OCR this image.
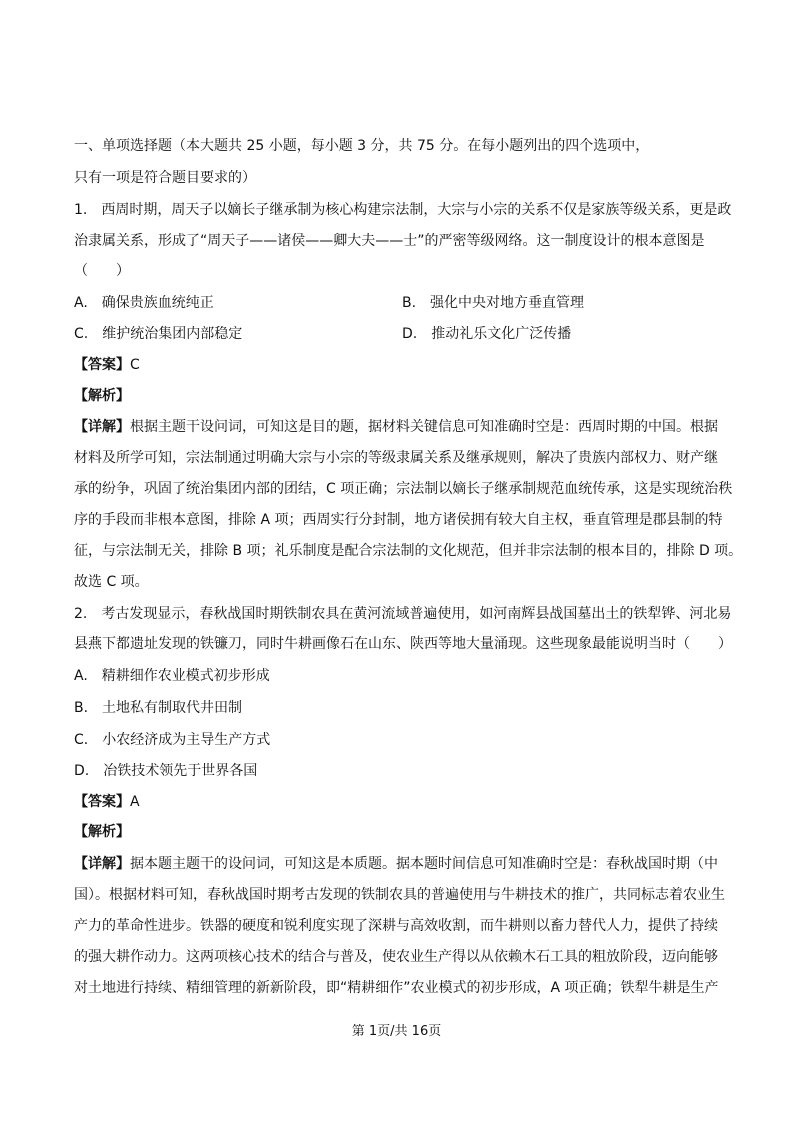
一、单项选择题（本大题共 25 小题，每小题 3 分，共 75 分。在每小题列出的四个选项中，
只有一项是符合题目要求的）
1.　西周时期，周天子以嫡长子继承制为核心构建宗法制，大宗与小宗的关系不仅是家族等级关系，更是政
治隶属关系，形成了“周天子——诸侯——卿大夫——士”的严密等级网络。这一制度设计的根本意图是
（　　）
A.　确保贵族血统纯正	B.　强化中央对地方垂直管理
C.　维护统治集团内部稳定	D.　推动礼乐文化广泛传播
【答案】C
【解析】
【详解】根据主题干设问词，可知这是目的题，据材料关键信息可知准确时空是：西周时期的中国。根据
材料及所学可知，宗法制通过明确大宗与小宗的等级隶属关系及继承规则，解决了贵族内部权力、财产继
承的纷争，巩固了统治集团内部的团结，C 项正确；宗法制以嫡长子继承制规范血统传承，这是实现统治秩
序的手段而非根本意图，排除 A 项；西周实行分封制，地方诸侯拥有较大自主权，垂直管理是郡县制的特
征，与宗法制无关，排除 B 项；礼乐制度是配合宗法制的文化规范，但并非宗法制的根本目的，排除 D 项。
故选 C 项。
2.　考古发现显示，春秋战国时期铁制农具在黄河流域普遍使用，如河南辉县战国墓出土的铁犁铧、河北易
县燕下都遗址发现的铁镰刀，同时牛耕画像石在山东、陕西等地大量涌现。这些现象最能说明当时（　　）
A.　精耕细作农业模式初步形成
B.　土地私有制取代井田制
C.　小农经济成为主导生产方式
D.　冶铁技术领先于世界各国
【答案】A
【解析】
【详解】据本题主题干的设问词，可知这是本质题。据本题时间信息可知准确时空是：春秋战国时期（中
国）。根据材料可知，春秋战国时期考古发现的铁制农具的普遍使用与牛耕技术的推广，共同标志着农业生
产力的革命性进步。铁器的硬度和锐利度实现了深耕与高效收割，而牛耕则以畜力替代人力，提供了持续
的强大耕作动力。这两项核心技术的结合与普及，使农业生产得以从依赖木石工具的粗放阶段，迈向能够
对土地进行持续、精细管理的新新阶段，即“精耕细作”农业模式的初步形成，A 项正确；铁犁牛耕是生产
第 1页/共 16页
